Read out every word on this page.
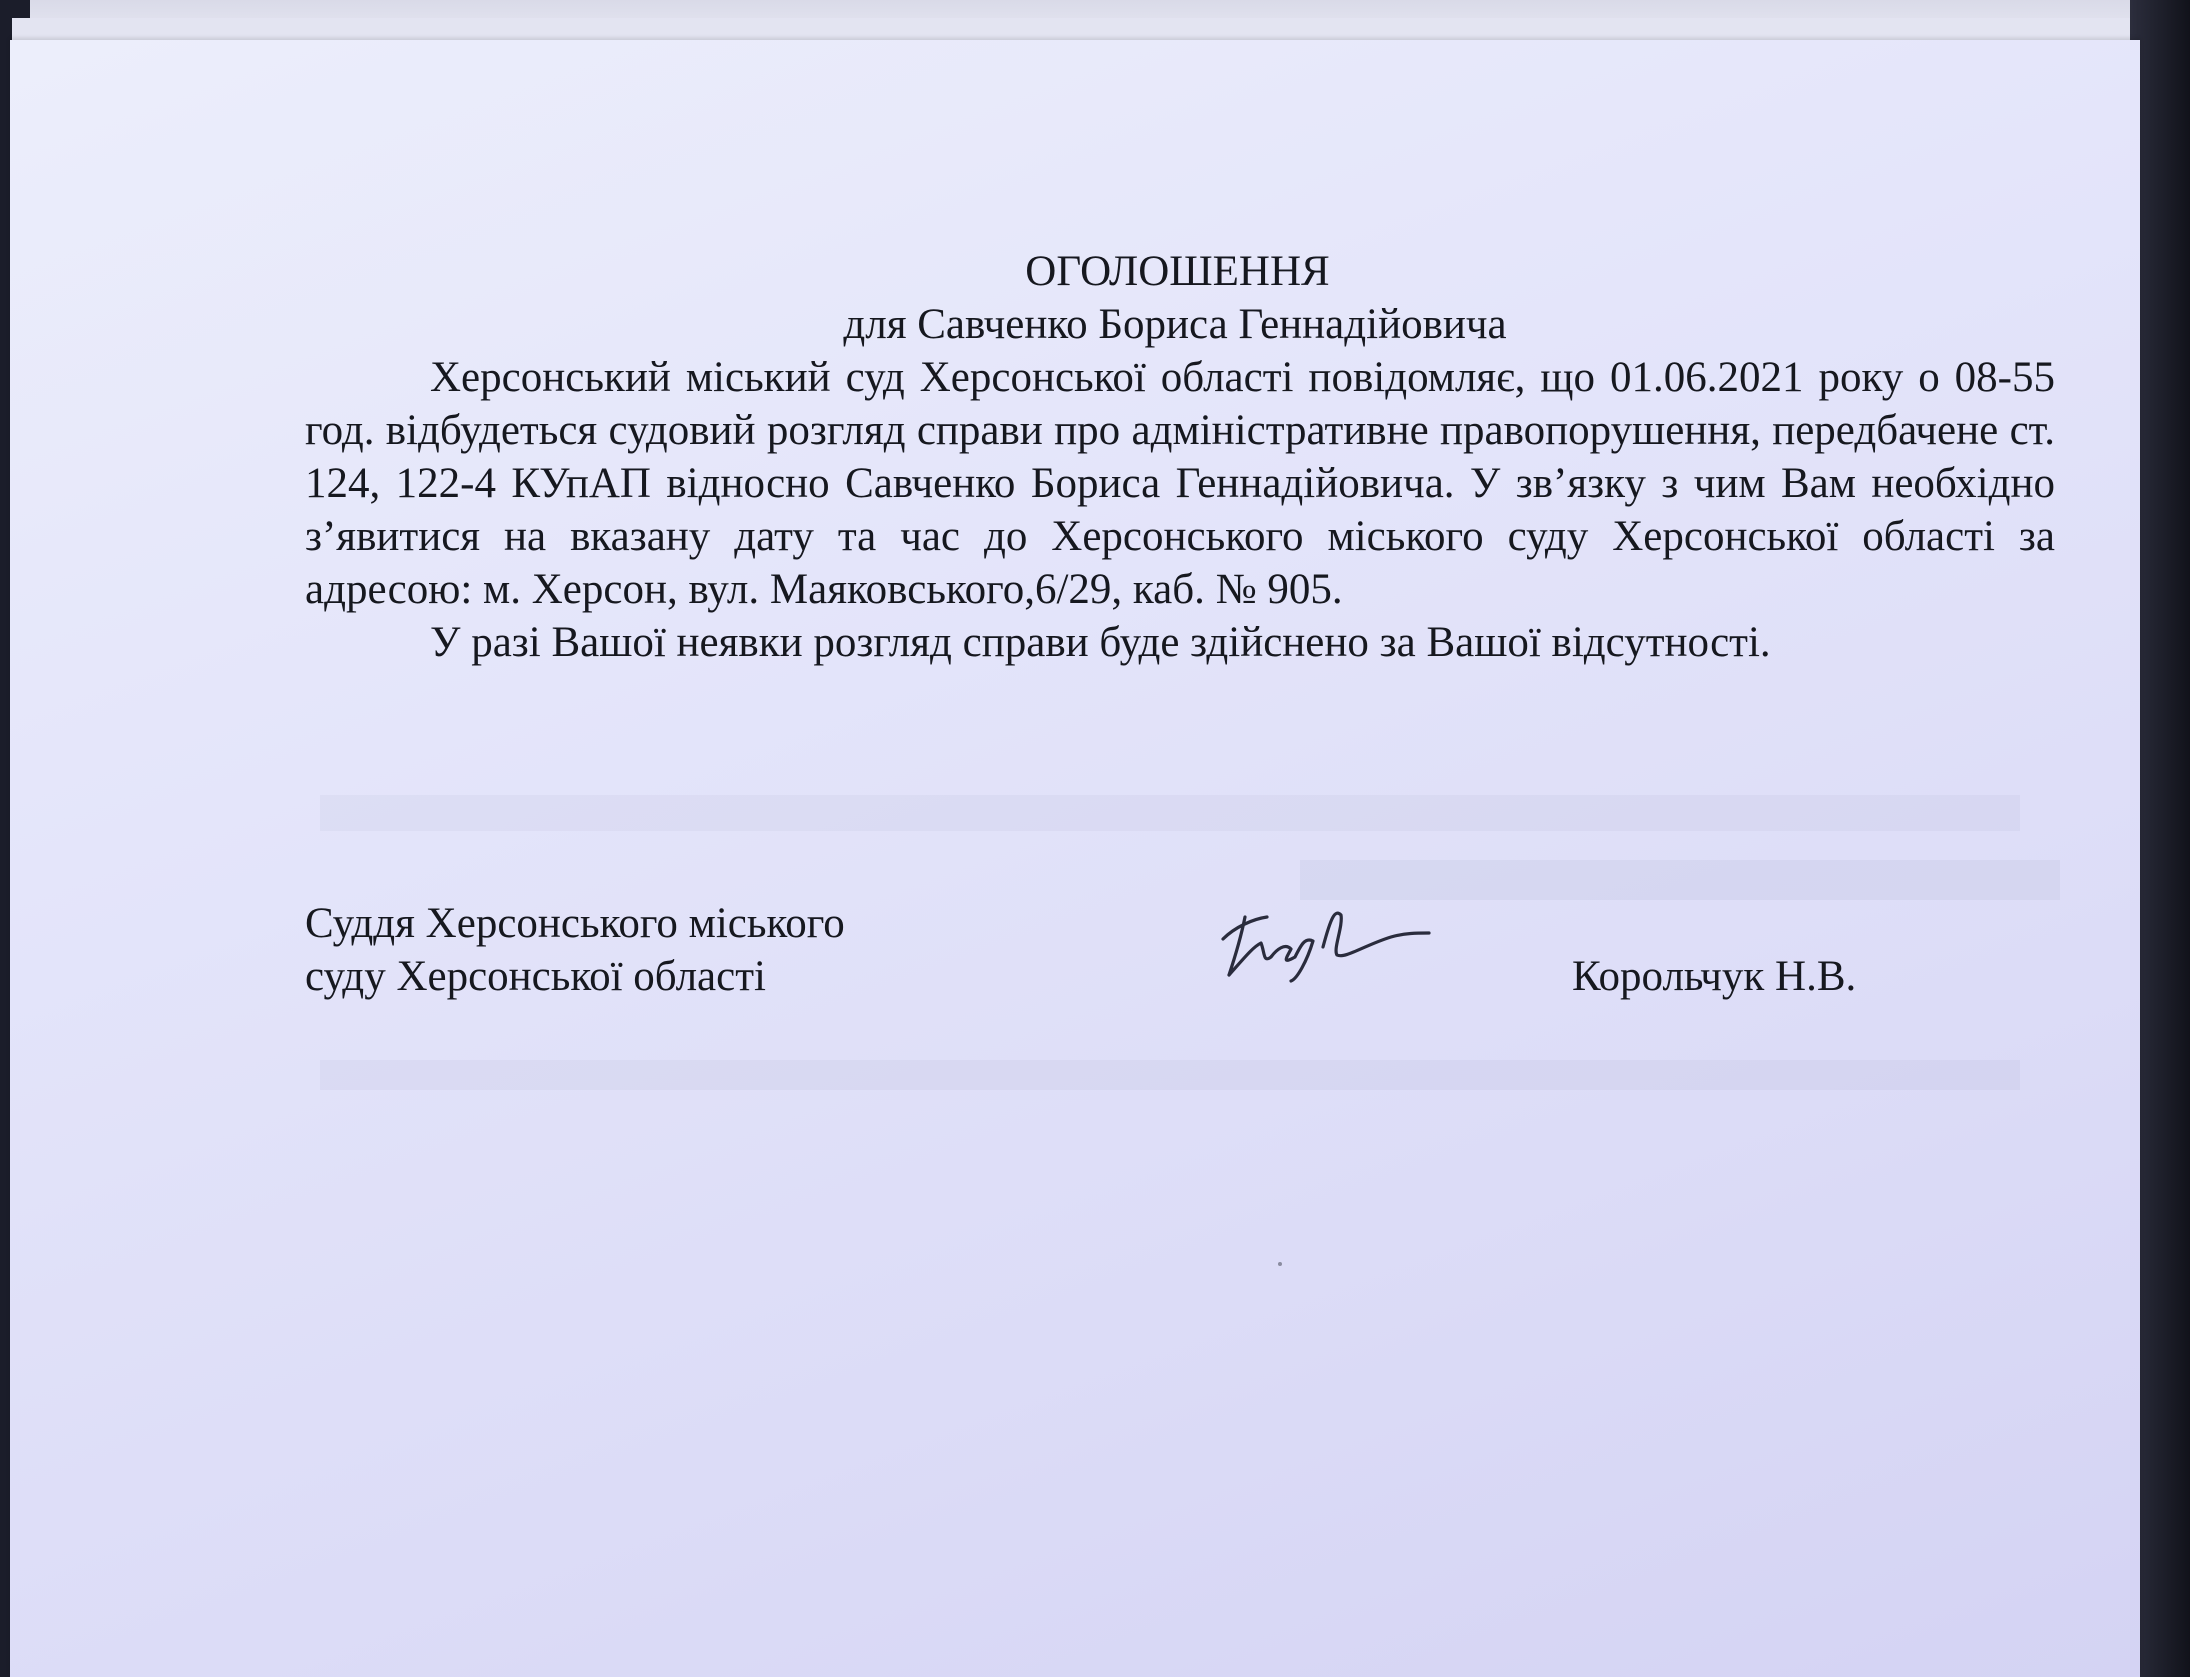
ОГОЛОШЕННЯ

для Савченко Бориса Геннадійовича

Херсонський міський суд Херсонської області повідомляє, що 01.06.2021 року о 08-55 год. відбудеться судовий розгляд справи про адміністративне правопорушення, передбачене ст. 124, 122-4 КУпАП відносно Савченко Бориса Геннадійовича. У зв’язку з чим Вам необхідно з’явитися на вказану дату та час до Херсонського міського суду Херсонської області за адресою: м. Херсон, вул. Маяковського,6/29, каб. № 905.

У разі Вашої неявки розгляд справи буде здійснено за Вашої відсутності.

Суддя Херсонського міського
суду Херсонської області	Корольчук Н.В.
